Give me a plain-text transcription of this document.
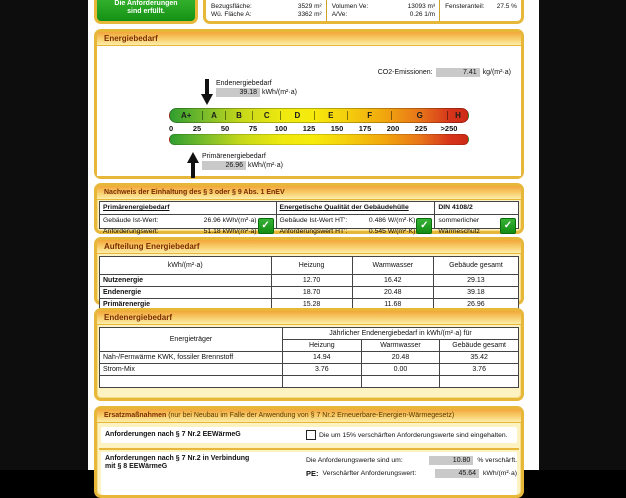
Die Anforderungen
sind erfüllt.
Bezugsfläche:	3529 m²
Wü. Fläche A:	3362 m²
Volumen Ve:	13093 m³
A/Ve:	0.26 1/m
Fensteranteil: 27.5 %
Energiebedarf
CO2-Emissionen:	7.41 kg/(m²·a)
Endenergiebedarf
39.18 kWh/(m²·a)
A+	A	B	C	D	E	F	G	H
0	25	50	75 100 125 150 175 200 225 >250
Primärenergiebedarf
26.96 kWh/(m²·a)
Nachweis der Einhaltung des § 3 oder § 9 Abs. 1 EnEV
Primärenergiebedarf
Gebäude Ist-Wert:	26.96 kWh/(m²·a)
Anforderungswert:	51.18 kWh/(m²·a)
✓
Energetische Qualität der Gebäudehülle
Gebäude Ist-Wert HT':	0.486 W/(m²·K)
Anforderungswert HT':	0.545 W/(m²·K)
✓
DIN 4108/2
sommerlicher
Wärmeschutz
✓
Aufteilung Energiebedarf
kWh/(m²·a)	Heizung	Warmwasser	Gebäude gesamt
Nutzenergie	12.70	16.42	29.13
Endenergie	18.70	20.48	39.18
Primärenergie	15.28	11.68	26.96
Endenergiebedarf
Energieträger	Jährlicher Endenergiebedarf in kWh/(m²·a) für		
	Heizung	Warmwasser	Gebäude gesamt
Nah-/Fernwärme KWK, fossiler Brennstoff	14.94	20.48	35.42
Strom-Mix	3.76	0.00	3.76

Ersatzmaßnahmen (nur bei Neubau im Falle der Anwendung von § 7 Nr.2 Erneuerbare-Energien-Wärmegesetz)
Anforderungen nach § 7 Nr.2 EEWärmeG	Die um 15% verschärften Anforderungswerte sind eingehalten.
Anforderungen nach § 7 Nr.2 in Verbindung
mit § 8 EEWärmeG
Die Anforderungswerte sind um:	10.80	% verschärft.
PE: Verschärfter Anforderungswert:	45.64	kWh/(m²·a)
